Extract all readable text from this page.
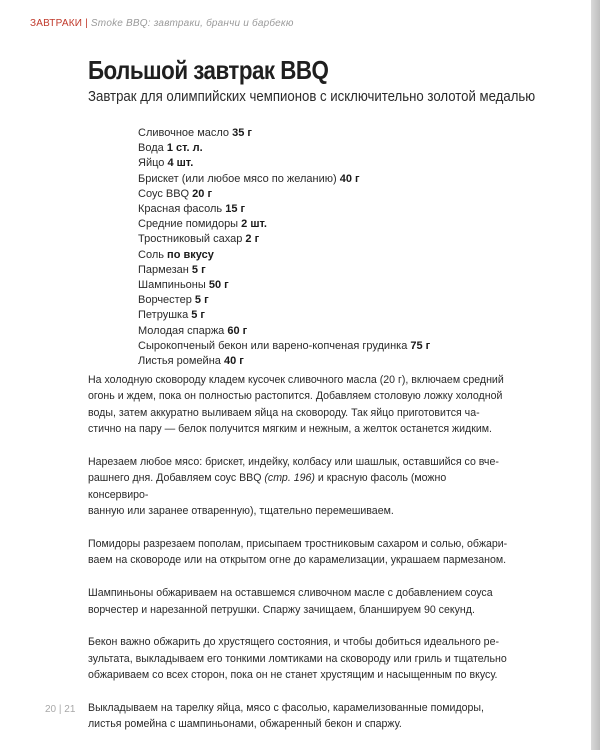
ЗАВТРАКИ | Smoke BBQ: завтраки, бранчи и барбекю
Большой завтрак BBQ
Завтрак для олимпийских чемпионов с исключительно золотой медалью
Сливочное масло 35 г
Вода 1 ст. л.
Яйцо 4 шт.
Брискет (или любое мясо по желанию) 40 г
Соус BBQ 20 г
Красная фасоль 15 г
Средние помидоры 2 шт.
Тростниковый сахар 2 г
Соль по вкусу
Пармезан 5 г
Шампиньоны 50 г
Ворчестер 5 г
Петрушка 5 г
Молодая спаржа 60 г
Сырокопченый бекон или варено-копченая грудинка 75 г
Листья ромейна 40 г

На холодную сковороду кладем кусочек сливочного масла (20 г), включаем средний
огонь и ждем, пока он полностью растопится. Добавляем столовую ложку холодной
воды, затем аккуратно выливаем яйца на сковороду. Так яйцо приготовится ча-
стично на пару — белок получится мягким и нежным, а желток останется жидким.

Нарезаем любое мясо: брискет, индейку, колбасу или шашлык, оставшийся со вче-
рашнего дня. Добавляем соус BBQ (стр. 196) и красную фасоль (можно консервиро-
ванную или заранее отваренную), тщательно перемешиваем.

Помидоры разрезаем пополам, присыпаем тростниковым сахаром и солью, обжари-
ваем на сковороде или на открытом огне до карамелизации, украшаем пармезаном.

Шампиньоны обжариваем на оставшемся сливочном масле с добавлением соуса
ворчестер и нарезанной петрушки. Спаржу зачищаем, бланшируем 90 секунд.

Бекон важно обжарить до хрустящего состояния, и чтобы добиться идеального ре-
зультата, выкладываем его тонкими ломтиками на сковороду или гриль и тщательно
обжариваем со всех сторон, пока он не станет хрустящим и насыщенным по вкусу.

Выкладываем на тарелку яйца, мясо с фасолью, карамелизованные помидоры,
листья ромейна с шампиньонами, обжаренный бекон и спаржу.

20 | 21
